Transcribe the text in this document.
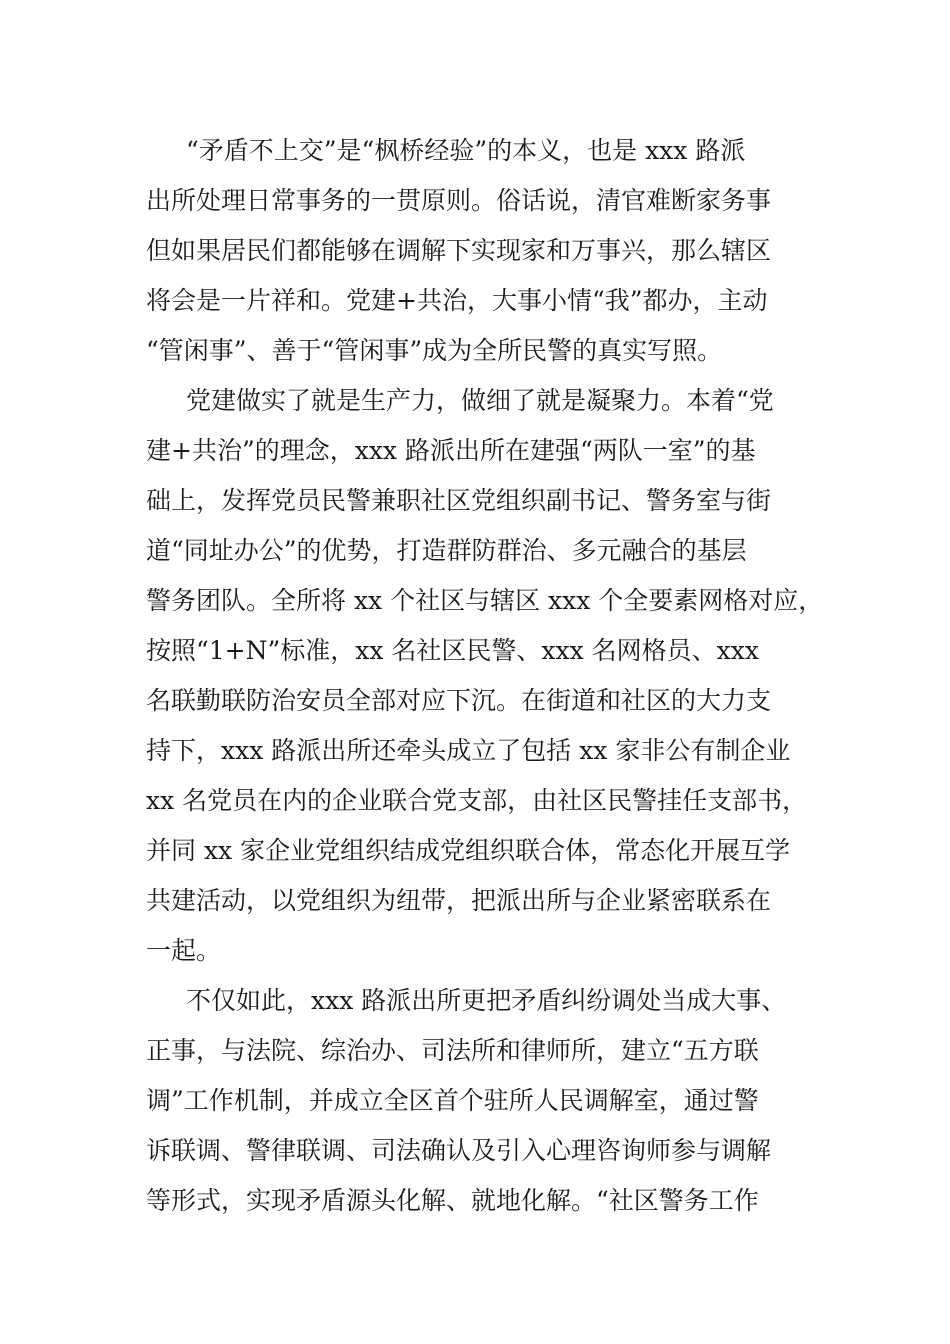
“矛盾不上交”是“枫桥经验”的本义，也是 xxx 路派
出所处理日常事务的一贯原则。俗话说，清官难断家务事
但如果居民们都能够在调解下实现家和万事兴，那么辖区
将会是一片祥和。党建+共治，大事小情“我”都办，主动
“管闲事”、善于“管闲事”成为全所民警的真实写照。
党建做实了就是生产力，做细了就是凝聚力。本着“党
建+共治”的理念，xxx 路派出所在建强“两队一室”的基
础上，发挥党员民警兼职社区党组织副书记、警务室与街
道“同址办公”的优势，打造群防群治、多元融合的基层
警务团队。全所将 xx 个社区与辖区 xxx 个全要素网格对应，
按照“1+N”标准，xx 名社区民警、xxx 名网格员、xxx
名联勤联防治安员全部对应下沉。在街道和社区的大力支
持下，xxx 路派出所还牵头成立了包括 xx 家非公有制企业
xx 名党员在内的企业联合党支部，由社区民警挂任支部书，
并同 xx 家企业党组织结成党组织联合体，常态化开展互学
共建活动，以党组织为纽带，把派出所与企业紧密联系在
一起。
不仅如此，xxx 路派出所更把矛盾纠纷调处当成大事、
正事，与法院、综治办、司法所和律师所，建立“五方联
调”工作机制，并成立全区首个驻所人民调解室，通过警
诉联调、警律联调、司法确认及引入心理咨询师参与调解
等形式，实现矛盾源头化解、就地化解。“社区警务工作
